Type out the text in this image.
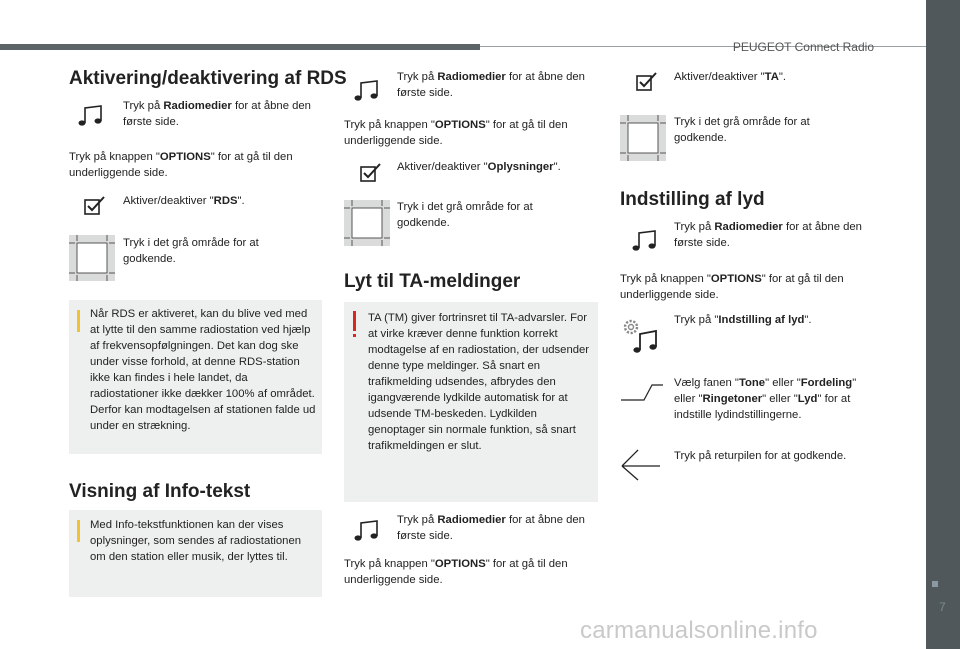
PEUGEOT Connect Radio
7
carmanualsonline.info
Aktivering/deaktivering af RDS

Tryk på Radiomedier for at åbne den første side.

Tryk på knappen "OPTIONS" for at gå til den underliggende side.

Aktiver/deaktiver "RDS".

Tryk i det grå område for at godkende.

Når RDS er aktiveret, kan du blive ved med at lytte til den samme radiostation ved hjælp af frekvensopfølgningen. Det kan dog ske under visse forhold, at denne RDS-station ikke kan findes i hele landet, da radiostationer ikke dækker 100% af området. Derfor kan modtagelsen af stationen falde ud under en strækning.

Visning af Info-tekst

Med Info-tekstfunktionen kan der vises oplysninger, som sendes af radiostationen om den station eller musik, der lyttes til.

Tryk på Radiomedier for at åbne den første side.

Tryk på knappen "OPTIONS" for at gå til den underliggende side.

Aktiver/deaktiver "Oplysninger".

Tryk i det grå område for at godkende.

Lyt til TA-meldinger

TA (TM) giver fortrinsret til TA-advarsler. For at virke kræver denne funktion korrekt modtagelse af en radiostation, der udsender denne type meldinger. Så snart en trafikmelding udsendes, afbrydes den igangværende lydkilde automatisk for at udsende TM-beskeden. Lydkilden genoptager sin normale funktion, så snart trafikmeldingen er slut.

Tryk på Radiomedier for at åbne den første side.

Tryk på knappen "OPTIONS" for at gå til den underliggende side.

Aktiver/deaktiver "TA".

Tryk i det grå område for at godkende.

Indstilling af lyd

Tryk på Radiomedier for at åbne den første side.

Tryk på knappen "OPTIONS" for at gå til den underliggende side.

Tryk på "Indstilling af lyd".

Vælg fanen "Tone" eller "Fordeling" eller "Ringetoner" eller "Lyd" for at indstille lydindstillingerne.

Tryk på returpilen for at godkende.
